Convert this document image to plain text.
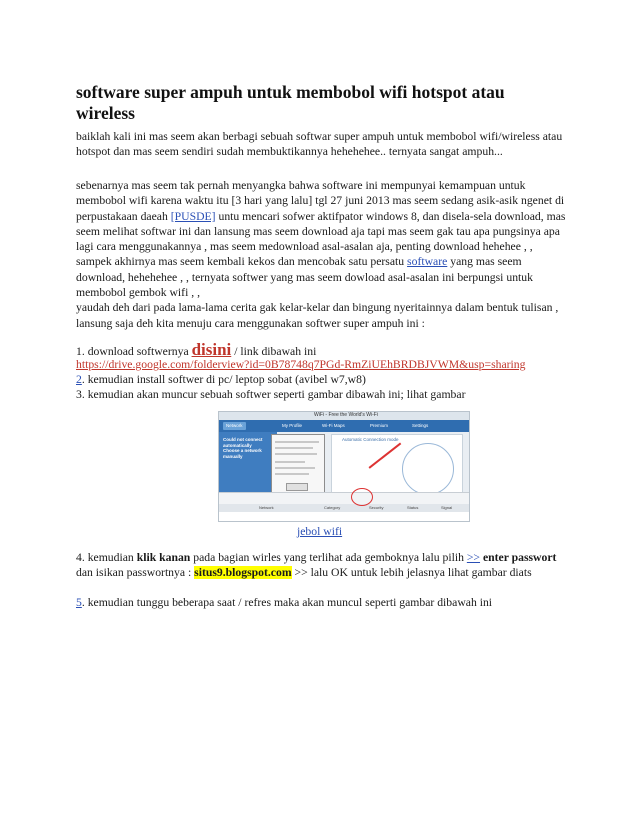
software super ampuh untuk membobol wifi hotspot atau wireless

baiklah kali ini mas seem akan berbagi sebuah softwar super ampuh untuk membobol wifi/wireless atau hotspot dan mas seem sendiri sudah membuktikannya hehehehee.. ternyata sangat ampuh...

sebenarnya mas seem tak pernah menyangka bahwa software ini mempunyai kemampuan untuk membobol wifi karena waktu itu [3 hari yang lalu] tgl 27 juni 2013 mas seem sedang asik-asik ngenet di perpustakaan daeah [PUSDE] untu mencari sofwer aktifpator windows 8, dan disela-sela download, mas seem melihat softwar ini dan lansung mas seem download aja tapi mas seem gak tau apa pungsinya apa lagi cara menggunakannya , mas seem medownload asal-asalan aja, penting download hehehee , , sampek akhirnya mas seem kembali kekos dan mencobak satu persatu software yang mas seem download, hehehehee , , ternyata softwer yang mas seem dowload asal-asalan ini berpungsi untuk membobol gembok wifi , ,
yaudah deh dari pada lama-lama cerita gak kelar-kelar dan bingung nyeritainnya dalam bentuk tulisan , lansung saja deh kita menuju cara menggunakan softwer super ampuh ini :

1. download softwernya disini / link dibawah ini
https://drive.google.com/folderview?id=0B78748q7PGd-RmZiUEhBRDBJVWM&usp=sharing
2. kemudian install softwer di pc/ leptop sobat (avibel w7,w8)
3. kemudian akan muncur sebuah softwer seperti gambar dibawah ini; lihat gambar
jebol wifi

4. kemudian klik kanan pada bagian wirles yang terlihat ada gemboknya lalu pilih >> enter passwort dan isikan passwortnya : situs9.blogspot.com >> lalu OK untuk lebih jelasnya lihat gambar diats

5. kemudian tunggu beberapa saat / refres maka akan muncul seperti gambar dibawah ini
WiFi - Free the World's Wi-Fi
Network	My Profile	Wi-Fi Maps	Premium	Settings
Could not connect automatically Choose a network manually
Automatic Connection mode
Network	Category	Security	Status	Signal
